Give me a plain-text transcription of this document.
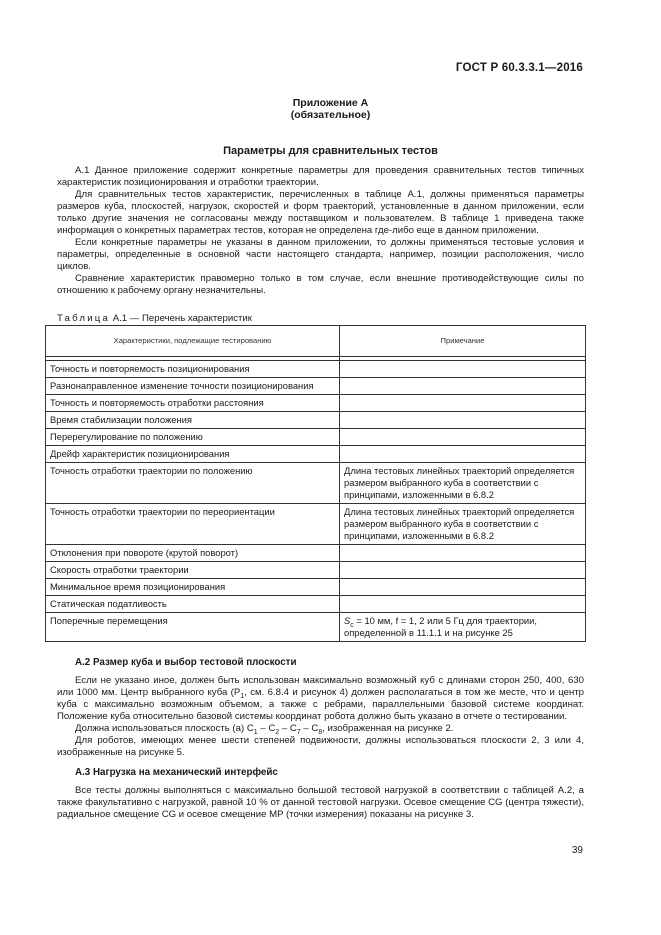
ГОСТ Р 60.3.3.1—2016
Приложение А
(обязательное)
Параметры для сравнительных тестов
А.1 Данное приложение содержит конкретные параметры для проведения сравнительных тестов типичных характеристик позиционирования и отработки траектории.
Для сравнительных тестов характеристик, перечисленных в таблице А.1, должны применяться параметры размеров куба, плоскостей, нагрузок, скоростей и форм траекторий, установленные в данном приложении, если только другие значения не согласованы между поставщиком и пользователем. В таблице 1 приведена также информация о конкретных параметрах тестов, которая не определена где-либо еще в данном приложении.
Если конкретные параметры не указаны в данном приложении, то должны применяться тестовые условия и параметры, определенные в основной части настоящего стандарта, например, позиции расположения, число циклов.
Сравнение характеристик правомерно только в том случае, если внешние противодействующие силы по отношению к рабочему органу незначительны.
Таблица А.1 — Перечень характеристик
Характеристики, подлежащие тестированию	Примечание

Точность и повторяемость позиционирования	
Разнонаправленное изменение точности позиционирования	
Точность и повторяемость отработки расстояния	
Время стабилизации положения	
Перерегулирование по положению	
Дрейф характеристик позиционирования	
Точность отработки траектории по положению	Длина тестовых линейных траекторий определяется размером выбранного куба в соответствии с принципами, изложенными в 6.8.2
Точность отработки траектории по переориентации	Длина тестовых линейных траекторий определяется размером выбранного куба в соответствии с принципами, изложенными в 6.8.2
Отклонения при повороте (крутой поворот)	
Скорость отработки траектории	
Минимальное время позиционирования	
Статическая податливость	
Поперечные перемещения	$S_c = 10$ мм, f = 1, 2 или 5 Гц для траектории, определенной в 11.1.1 и на рисунке 25
А.2 Размер куба и выбор тестовой плоскости
Если не указано иное, должен быть использован максимально возможный куб с длинами сторон 250, 400, 630 или 1000 мм. Центр выбранного куба ($P_1$, см. 6.8.4 и рисунок 4) должен располагаться в том же месте, что и центр куба с максимально возможным объемом, а также с ребрами, параллельными базовой системе координат. Положение куба относительно базовой системы координат робота должно быть указано в отчете о тестировании.
Должна использоваться плоскость (а) $C_1 - C_2 - C_7 - C_8$, изображенная на рисунке 2.
Для роботов, имеющих менее шести степеней подвижности, должны использоваться плоскости 2, 3 или 4, изображенные на рисунке 5.
А.3 Нагрузка на механический интерфейс
Все тесты должны выполняться с максимально большой тестовой нагрузкой в соответствии с таблицей А.2, а также факультативно с нагрузкой, равной 10 % от данной тестовой нагрузки. Осевое смещение CG (центра тяжести), радиальное смещение CG и осевое смещение MP (точки измерения) показаны на рисунке 3.
39
